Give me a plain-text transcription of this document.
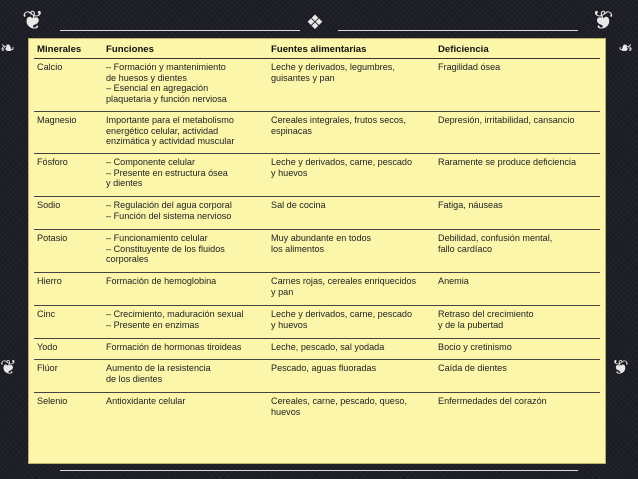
❦	❦
❖
❧	❧
❦	❦
Minerales	Funciones	Fuentes alimentarias	Deficiencia
Calcio	– Formación y mantenimiento
de huesos y dientes
– Esencial en agregación
plaquetaria y función nerviosa	Leche y derivados, legumbres,
guisantes y pan	Fragilidad ósea
Magnesio	Importante para el metabolismo
energético celular, actividad
enzimática y actividad muscular	Cereales integrales, frutos secos,
espinacas	Depresión, irritabilidad, cansancio
Fósforo	– Componente celular
– Presente en estructura ósea
y dientes	Leche y derivados, carne, pescado
y huevos	Raramente se produce deficiencia
Sodio	– Regulación del agua corporal
– Función del sistema nervioso	Sal de cocina	Fatiga, náuseas
Potasio	– Funcionamiento celular
– Constituyente de los fluidos
corporales	Muy abundante en todos
los alimentos	Debilidad, confusión mental,
fallo cardíaco
Hierro	Formación de hemoglobina	Carnes rojas, cereales enriquecidos
y pan	Anemia
Cinc	– Crecimiento, maduración sexual
– Presente en enzimas	Leche y derivados, carne, pescado
y huevos	Retraso del crecimiento
y de la pubertad
Yodo	Formación de hormonas tiroideas	Leche, pescado, sal yodada	Bocio y cretinismo
Flúor	Aumento de la resistencia
de los dientes	Pescado, aguas fluoradas	Caída de dientes
Selenio	Antioxidante celular	Cereales, carne, pescado, queso,
huevos	Enfermedades del corazón
